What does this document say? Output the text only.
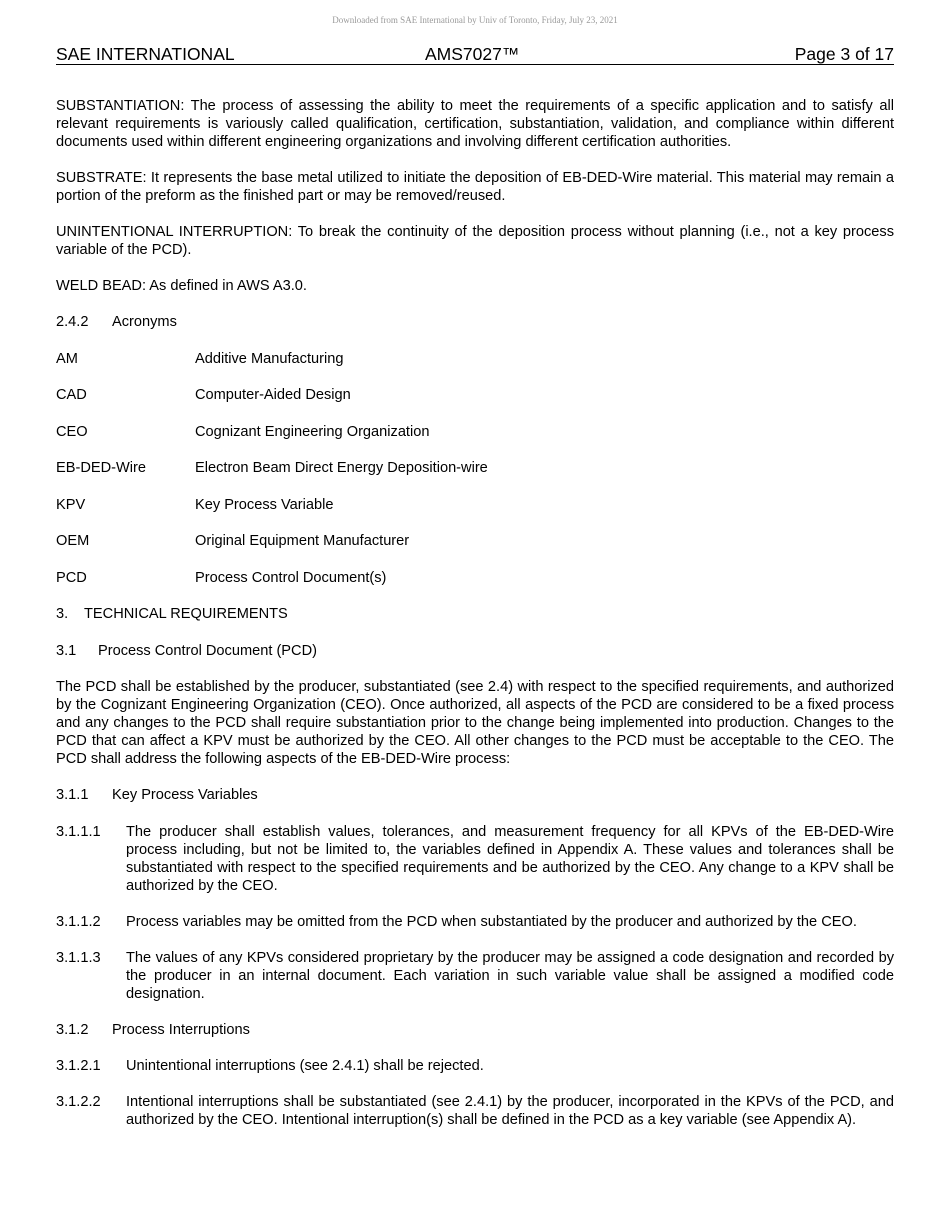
Downloaded from SAE International by Univ of Toronto, Friday, July 23, 2021
SAE INTERNATIONAL	AMS7027™	Page 3 of 17

SUBSTANTIATION: The process of assessing the ability to meet the requirements of a specific application and to satisfy all relevant requirements is variously called qualification, certification, substantiation, validation, and compliance within different documents used within different engineering organizations and involving different certification authorities.

SUBSTRATE: It represents the base metal utilized to initiate the deposition of EB-DED-Wire material. This material may remain a portion of the preform as the finished part or may be removed/reused.

UNINTENTIONAL INTERRUPTION: To break the continuity of the deposition process without planning (i.e., not a key process variable of the PCD).

WELD BEAD: As defined in AWS A3.0.

2.4.2	Acronyms
AM	Additive Manufacturing
CAD	Computer-Aided Design
CEO	Cognizant Engineering Organization
EB-DED-Wire	Electron Beam Direct Energy Deposition-wire
KPV	Key Process Variable
OEM	Original Equipment Manufacturer
PCD	Process Control Document(s)
3.	TECHNICAL REQUIREMENTS
3.1	Process Control Document (PCD)

The PCD shall be established by the producer, substantiated (see 2.4) with respect to the specified requirements, and authorized by the Cognizant Engineering Organization (CEO). Once authorized, all aspects of the PCD are considered to be a fixed process and any changes to the PCD shall require substantiation prior to the change being implemented into production. Changes to the PCD that can affect a KPV must be authorized by the CEO. All other changes to the PCD must be acceptable to the CEO. The PCD shall address the following aspects of the EB-DED-Wire process:

3.1.1	Key Process Variables
3.1.1.1	The producer shall establish values, tolerances, and measurement frequency for all KPVs of the EB-DED-Wire process including, but not be limited to, the variables defined in Appendix A. These values and tolerances shall be substantiated with respect to the specified requirements and be authorized by the CEO. Any change to a KPV shall be authorized by the CEO.
3.1.1.2	Process variables may be omitted from the PCD when substantiated by the producer and authorized by the CEO.
3.1.1.3	The values of any KPVs considered proprietary by the producer may be assigned a code designation and recorded by the producer in an internal document. Each variation in such variable value shall be assigned a modified code designation.
3.1.2	Process Interruptions
3.1.2.1	Unintentional interruptions (see 2.4.1) shall be rejected.
3.1.2.2	Intentional interruptions shall be substantiated (see 2.4.1) by the producer, incorporated in the KPVs of the PCD, and authorized by the CEO. Intentional interruption(s) shall be defined in the PCD as a key variable (see Appendix A).
